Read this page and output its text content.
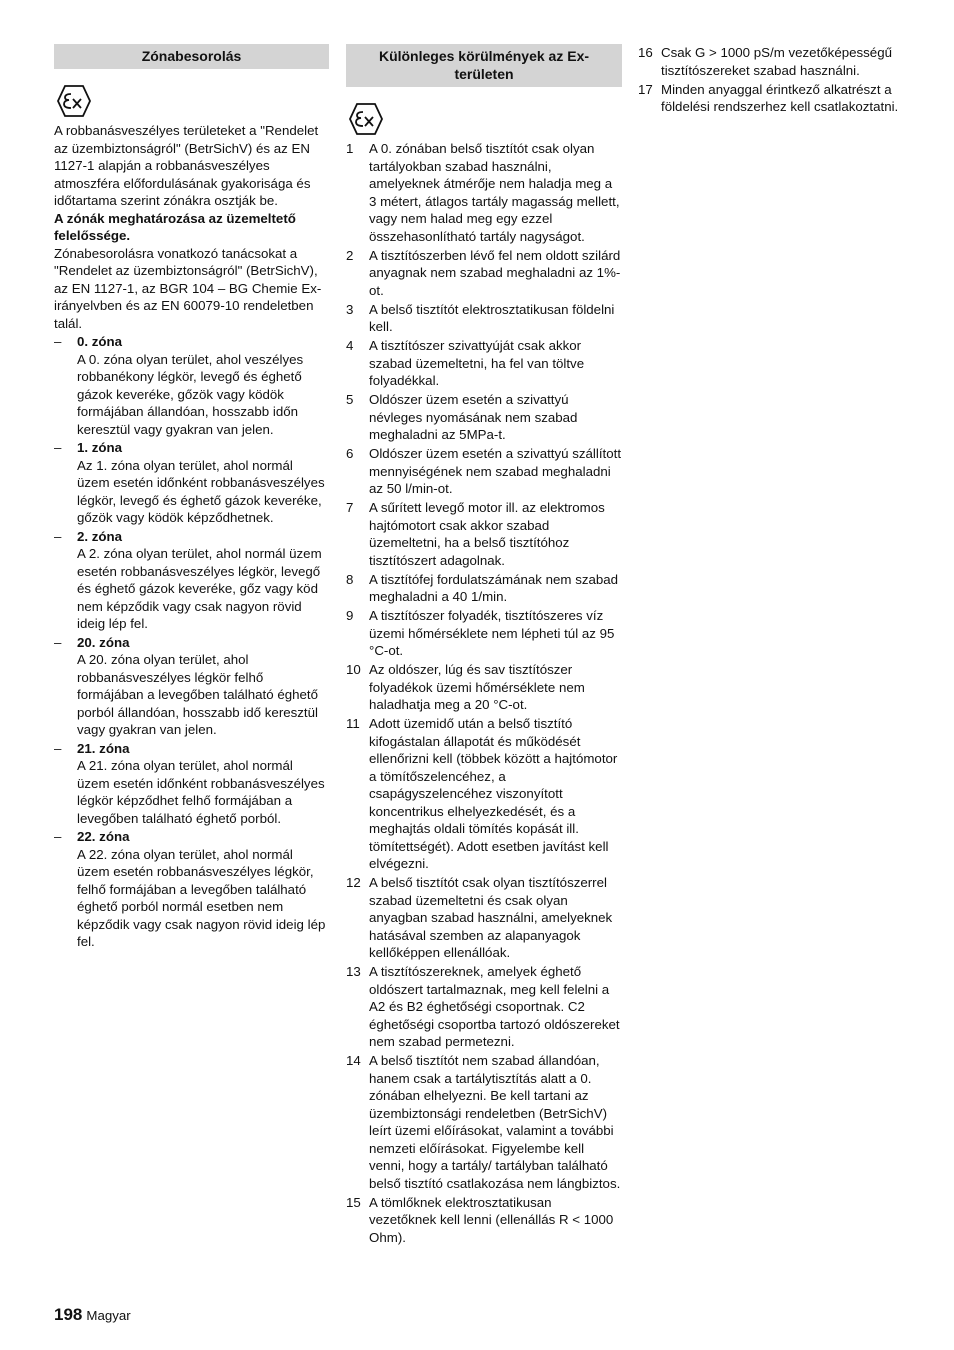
Zónabesorolás

A robbanásveszélyes területeket a "Rendelet az üzembiztonságról" (BetrSichV) és az EN 1127-1 alapján a robbanásveszélyes atmoszféra előfordulásának gyakorisága és időtartama szerint zónákra osztják be.

A zónák meghatározása az üzemeltető felelőssége.

Zónabesorolásra vonatkozó tanácsokat a "Rendelet az üzembiztonságról" (BetrSichV), az EN 1127-1, az BGR 104 – BG Chemie Ex-irányelvben és az EN 60079-10 rendeletben talál.

– 0. zóna
A 0. zóna olyan terület, ahol veszélyes robbanékony légkör, levegő és éghető gázok keveréke, gőzök vagy ködök formájában állandóan, hosszabb időn keresztül vagy gyakran van jelen.
– 1. zóna
Az 1. zóna olyan terület, ahol normál üzem esetén időnként robbanásveszélyes légkör, levegő és éghető gázok keveréke, gőzök vagy ködök képződhetnek.
– 2. zóna
A 2. zóna olyan terület, ahol normál üzem esetén robbanásveszélyes légkör, levegő és éghető gázok keveréke, gőz vagy köd nem képződik vagy csak nagyon rövid ideig lép fel.
– 20. zóna
A 20. zóna olyan terület, ahol robbanásveszélyes légkör felhő formájában a levegőben található éghető porból állandóan, hosszabb idő keresztül vagy gyakran van jelen.
– 21. zóna
A 21. zóna olyan terület, ahol normál üzem esetén időnként robbanásveszélyes légkör képződhet felhő formájában a levegőben található éghető porból.
– 22. zóna
A 22. zóna olyan terület, ahol normál üzem esetén robbanásveszélyes légkör, felhő formájában a levegőben található éghető porból normál esetben nem képződik vagy csak nagyon rövid ideig lép fel.
Különleges körülmények az Ex-
területen
1 A 0. zónában belső tisztítót csak olyan tartályokban szabad használni, amelyeknek átmérője nem haladja meg a 3 métert, átlagos tartály magasság mellett, vagy nem halad meg egy ezzel összehasonlítható tartály nagyságot.
2 A tisztítószerben lévő fel nem oldott szilárd anyagnak nem szabad meghaladni az 1%-ot.
3 A belső tisztítót elektrosztatikusan földelni kell.
4 A tisztítószer szivattyúját csak akkor szabad üzemeltetni, ha fel van töltve folyadékkal.
5 Oldószer üzem esetén a szivattyú névleges nyomásának nem szabad meghaladni az 5MPa-t.
6 Oldószer üzem esetén a szivattyú szállított mennyiségének nem szabad meghaladni az 50 l/min-ot.
7 A sűrített levegő motor ill. az elektromos hajtómotort csak akkor szabad üzemeltetni, ha a belső tisztítóhoz tisztítószert adagolnak.
8 A tisztítófej fordulatszámának nem szabad meghaladni a 40 1/min.
9 A tisztítószer folyadék, tisztítószeres víz üzemi hőmérséklete nem lépheti túl az 95 °C-ot.
10 Az oldószer, lúg és sav tisztítószer folyadékok üzemi hőmérséklete nem haladhatja meg a 20 °C-ot.
11 Adott üzemidő után a belső tisztító kifogástalan állapotát és működését ellenőrizni kell (többek között a hajtómotor a tömítőszelencéhez, a csapágyszelencéhez viszonyított koncentrikus elhelyezkedését, és a meghajtás oldali tömítés kopását ill. tömítettségét). Adott esetben javítást kell elvégezni.
12 A belső tisztítót csak olyan tisztítószerrel szabad üzemeltetni és csak olyan anyagban szabad használni, amelyeknek hatásával szemben az alapanyagok kellőképpen ellenállóak.
13 A tisztítószereknek, amelyek éghető oldószert tartalmaznak, meg kell felelni a A2 és B2 éghetőségi csoportnak. C2 éghetőségi csoportba tartozó oldószereket nem szabad permetezni.
14 A belső tisztítót nem szabad állandóan, hanem csak a tartálytisztítás alatt a 0. zónában elhelyezni. Be kell tartani az üzembiztonsági rendeletben (BetrSichV) leírt üzemi előírásokat, valamint a további nemzeti előírásokat. Figyelembe kell venni, hogy a tartály/ tartályban található belső tisztító csatlakozása nem lángbiztos.
15 A tömlőknek elektrosztatikusan vezetőknek kell lenni (ellenállás R < 1000 Ohm).
16 Csak G > 1000 pS/m vezetőképességű tisztítószereket szabad használni.
17 Minden anyaggal érintkező alkatrészt a földelési rendszerhez kell csatlakoztatni.
198 Magyar
